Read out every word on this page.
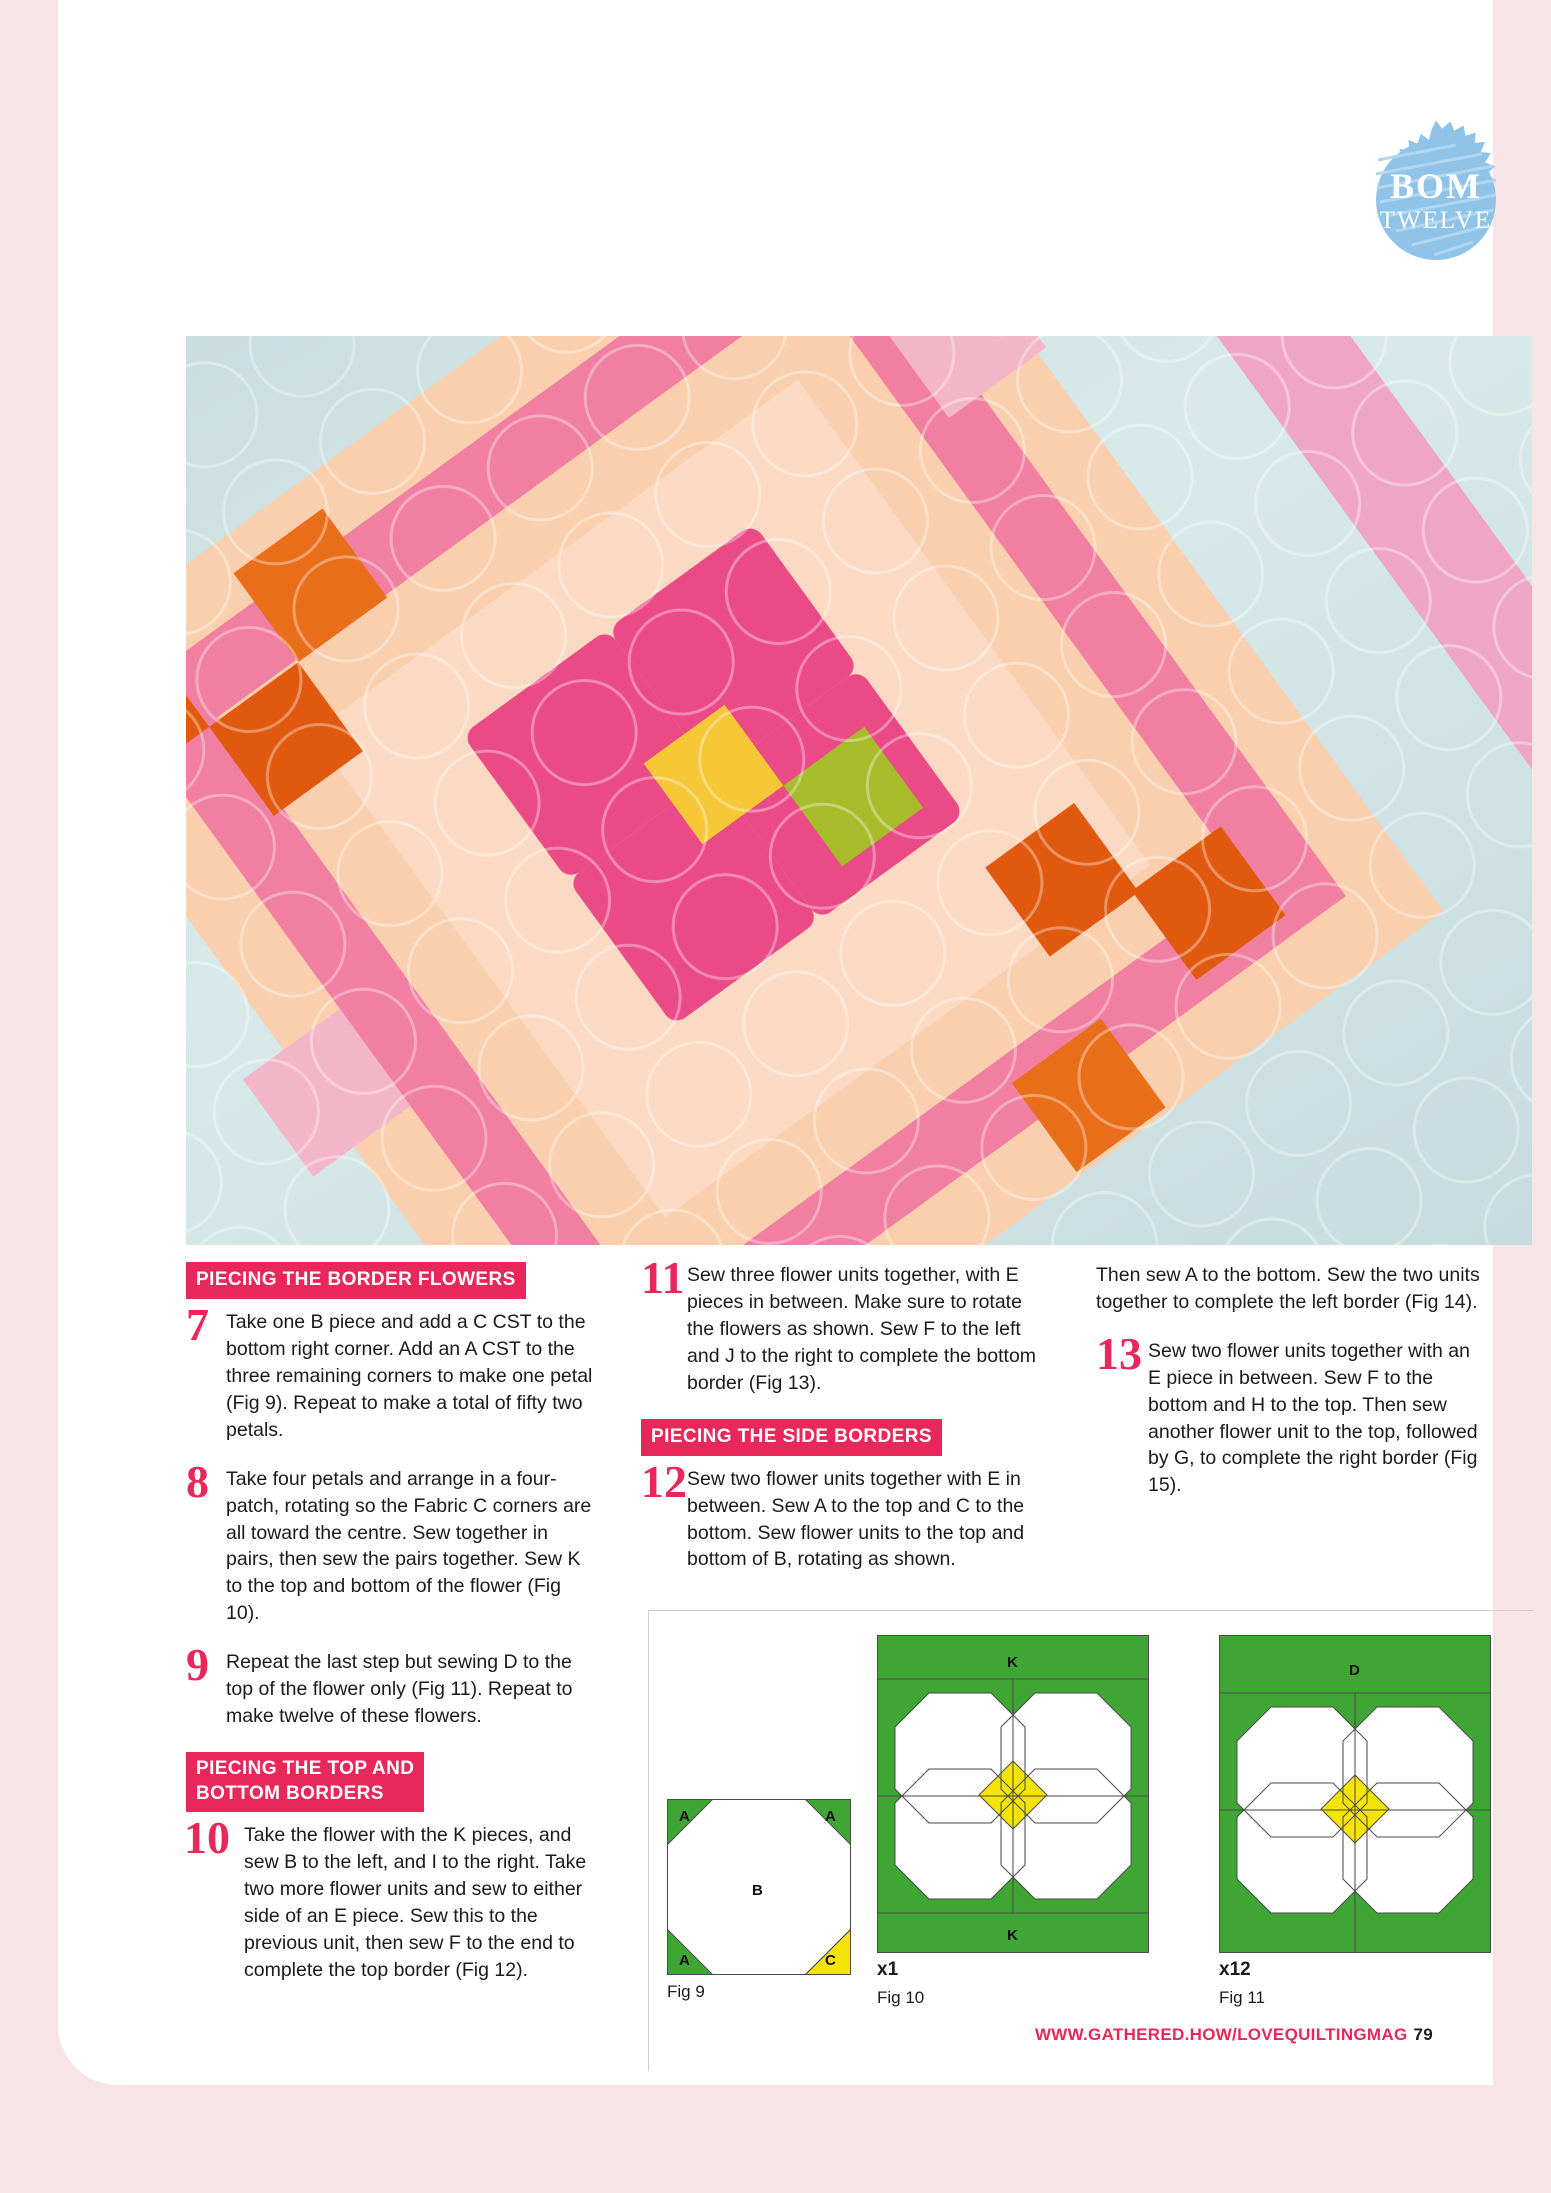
BOM
TWELVE
PIECING THE BORDER FLOWERS

7 Take one B piece and add a C CST to the bottom right corner. Add an A CST to the three remaining corners to make one petal (Fig 9). Repeat to make a total of fifty two petals.

8 Take four petals and arrange in a four-patch, rotating so the Fabric C corners are all toward the centre. Sew together in pairs, then sew the pairs together. Sew K to the top and bottom of the flower (Fig 10).

9 Repeat the last step but sewing D to the top of the flower only (Fig 11). Repeat to make twelve of these flowers.

PIECING THE TOP AND
BOTTOM BORDERS

10 Take the flower with the K pieces, and sew B to the left, and I to the right. Take two more flower units and sew to either side of an E piece. Sew this to the previous unit, then sew F to the end to complete the top border (Fig 12).

11 Sew three flower units together, with E pieces in between. Make sure to rotate the flowers as shown. Sew F to the left and J to the right to complete the bottom border (Fig 13).

PIECING THE SIDE BORDERS

12 Sew two flower units together with E in between. Sew A to the top and C to the bottom. Sew flower units to the top and bottom of B, rotating as shown.

Then sew A to the bottom. Sew the two units together to complete the left border (Fig 14).

13 Sew two flower units together with an E piece in between. Sew F to the bottom and H to the top. Then sew another flower unit to the top, followed by G, to complete the right border (Fig 15).

A	A
B
A	C
Fig 9
K
K
x1
Fig 10
D
x12
Fig 11
WWW.GATHERED.HOW/LOVEQUILTINGMAG 79
